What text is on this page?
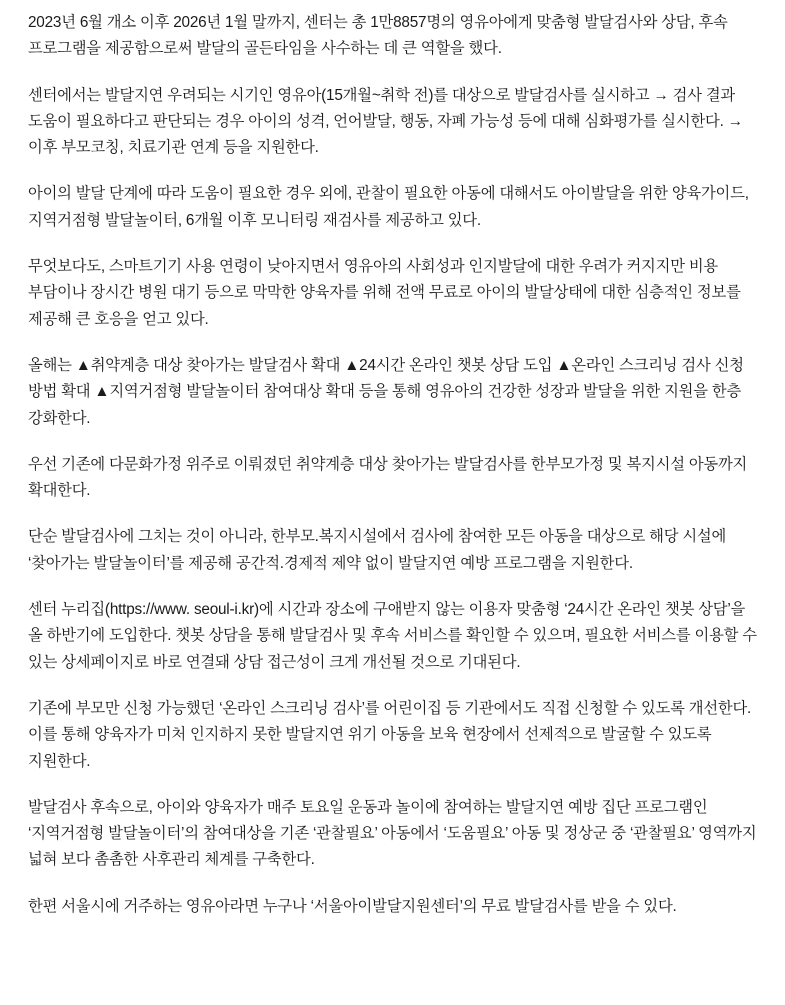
2023년 6월 개소 이후 2026년 1월 말까지, 센터는 총 1만8857명의 영유아에게 맞춤형 발달검사와 상담, 후속 프로그램을 제공함으로써 발달의 골든타임을 사수하는 데 큰 역할을 했다.

센터에서는 발달지연 우려되는 시기인 영유아(15개월~취학 전)를 대상으로 발달검사를 실시하고 → 검사 결과 도움이 필요하다고 판단되는 경우 아이의 성격, 언어발달, 행동, 자폐 가능성 등에 대해 심화평가를 실시한다. → 이후 부모코칭, 치료기관 연계 등을 지원한다.

아이의 발달 단계에 따라 도움이 필요한 경우 외에, 관찰이 필요한 아동에 대해서도 아이발달을 위한 양육가이드, 지역거점형 발달놀이터, 6개월 이후 모니터링 재검사를 제공하고 있다.

무엇보다도, 스마트기기 사용 연령이 낮아지면서 영유아의 사회성과 인지발달에 대한 우려가 커지지만 비용 부담이나 장시간 병원 대기 등으로 막막한 양육자를 위해 전액 무료로 아이의 발달상태에 대한 심층적인 정보를 제공해 큰 호응을 얻고 있다.

올해는 ▲취약계층 대상 찾아가는 발달검사 확대 ▲24시간 온라인 챗봇 상담 도입 ▲온라인 스크리닝 검사 신청 방법 확대 ▲지역거점형 발달놀이터 참여대상 확대 등을 통해 영유아의 건강한 성장과 발달을 위한 지원을 한층 강화한다.

우선 기존에 다문화가정 위주로 이뤄졌던 취약계층 대상 찾아가는 발달검사를 한부모가정 및 복지시설 아동까지 확대한다.

단순 발달검사에 그치는 것이 아니라, 한부모.복지시설에서 검사에 참여한 모든 아동을 대상으로 해당 시설에 ‘찾아가는 발달놀이터’를 제공해 공간적.경제적 제약 없이 발달지연 예방 프로그램을 지원한다.

센터 누리집(https://www. seoul-i.kr)에 시간과 장소에 구애받지 않는 이용자 맞춤형 ‘24시간 온라인 챗봇 상담’을 올 하반기에 도입한다. 챗봇 상담을 통해 발달검사 및 후속 서비스를 확인할 수 있으며, 필요한 서비스를 이용할 수 있는 상세페이지로 바로 연결돼 상담 접근성이 크게 개선될 것으로 기대된다.

기존에 부모만 신청 가능했던 ‘온라인 스크리닝 검사’를 어린이집 등 기관에서도 직접 신청할 수 있도록 개선한다. 이를 통해 양육자가 미처 인지하지 못한 발달지연 위기 아동을 보육 현장에서 선제적으로 발굴할 수 있도록 지원한다.

발달검사 후속으로, 아이와 양육자가 매주 토요일 운동과 놀이에 참여하는 발달지연 예방 집단 프로그램인 ‘지역거점형 발달놀이터’의 참여대상을 기존 ‘관찰필요’ 아동에서 ‘도움필요’ 아동 및 정상군 중 ‘관찰필요’ 영역까지 넓혀 보다 촘촘한 사후관리 체계를 구축한다.

한편 서울시에 거주하는 영유아라면 누구나 ‘서울아이발달지원센터’의 무료 발달검사를 받을 수 있다.
